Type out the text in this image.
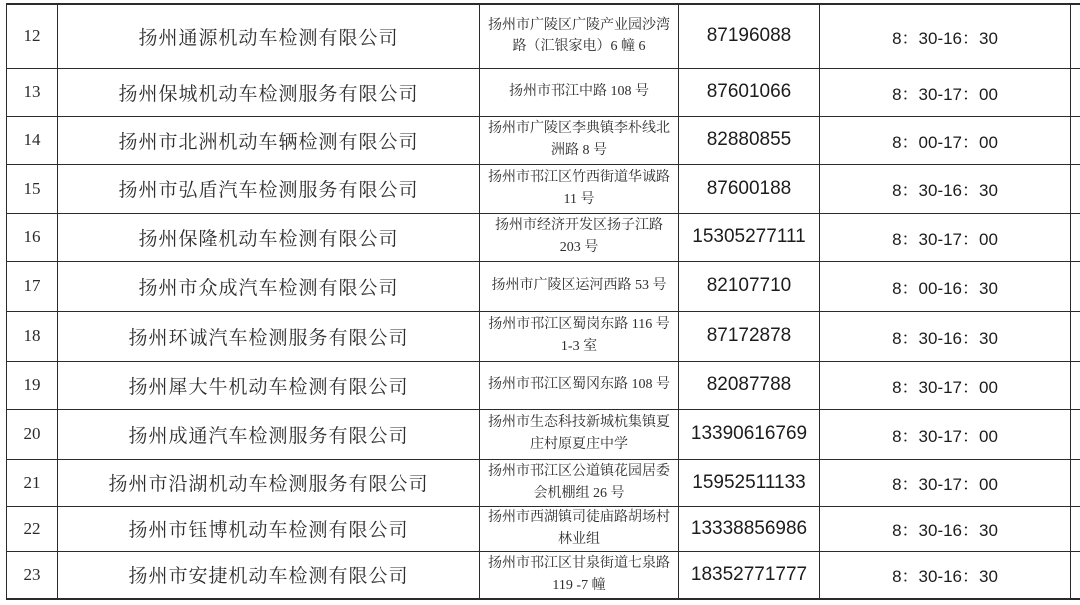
12	扬州通源机动车检测有限公司	扬州市广陵区广陵产业园沙湾路（汇银家电）6 幢 6	87196088	8：30-16：30	
13	扬州保城机动车检测服务有限公司	扬州市邗江中路 108 号	87601066	8：30-17：00	
14	扬州市北洲机动车辆检测有限公司	扬州市广陵区李典镇李朴线北洲路 8 号	82880855	8：00-17：00	
15	扬州市弘盾汽车检测服务有限公司	扬州市邗江区竹西街道华诚路 11 号	87600188	8：30-16：30	
16	扬州保隆机动车检测有限公司	扬州市经济开发区扬子江路 203 号	15305277111	8：30-17：00	
17	扬州市众成汽车检测有限公司	扬州市广陵区运河西路 53 号	82107710	8：00-16：30	
18	扬州环诚汽车检测服务有限公司	扬州市邗江区蜀岗东路 116 号 1-3 室	87172878	8：30-16：30	
19	扬州犀大牛机动车检测有限公司	扬州市邗江区蜀冈东路 108 号	82087788	8：30-17：00	
20	扬州成通汽车检测服务有限公司	扬州市生态科技新城杭集镇夏庄村原夏庄中学	13390616769	8：30-17：00	
21	扬州市沿湖机动车检测服务有限公司	扬州市邗江区公道镇花园居委会机棚组 26 号	15952511133	8：30-17：00	
22	扬州市钰博机动车检测有限公司	扬州市西湖镇司徒庙路胡场村林业组	13338856986	8：30-16：30	
23	扬州市安捷机动车检测有限公司	扬州市邗江区甘泉街道七泉路 119 -7 幢	18352771777	8：30-16：30	
